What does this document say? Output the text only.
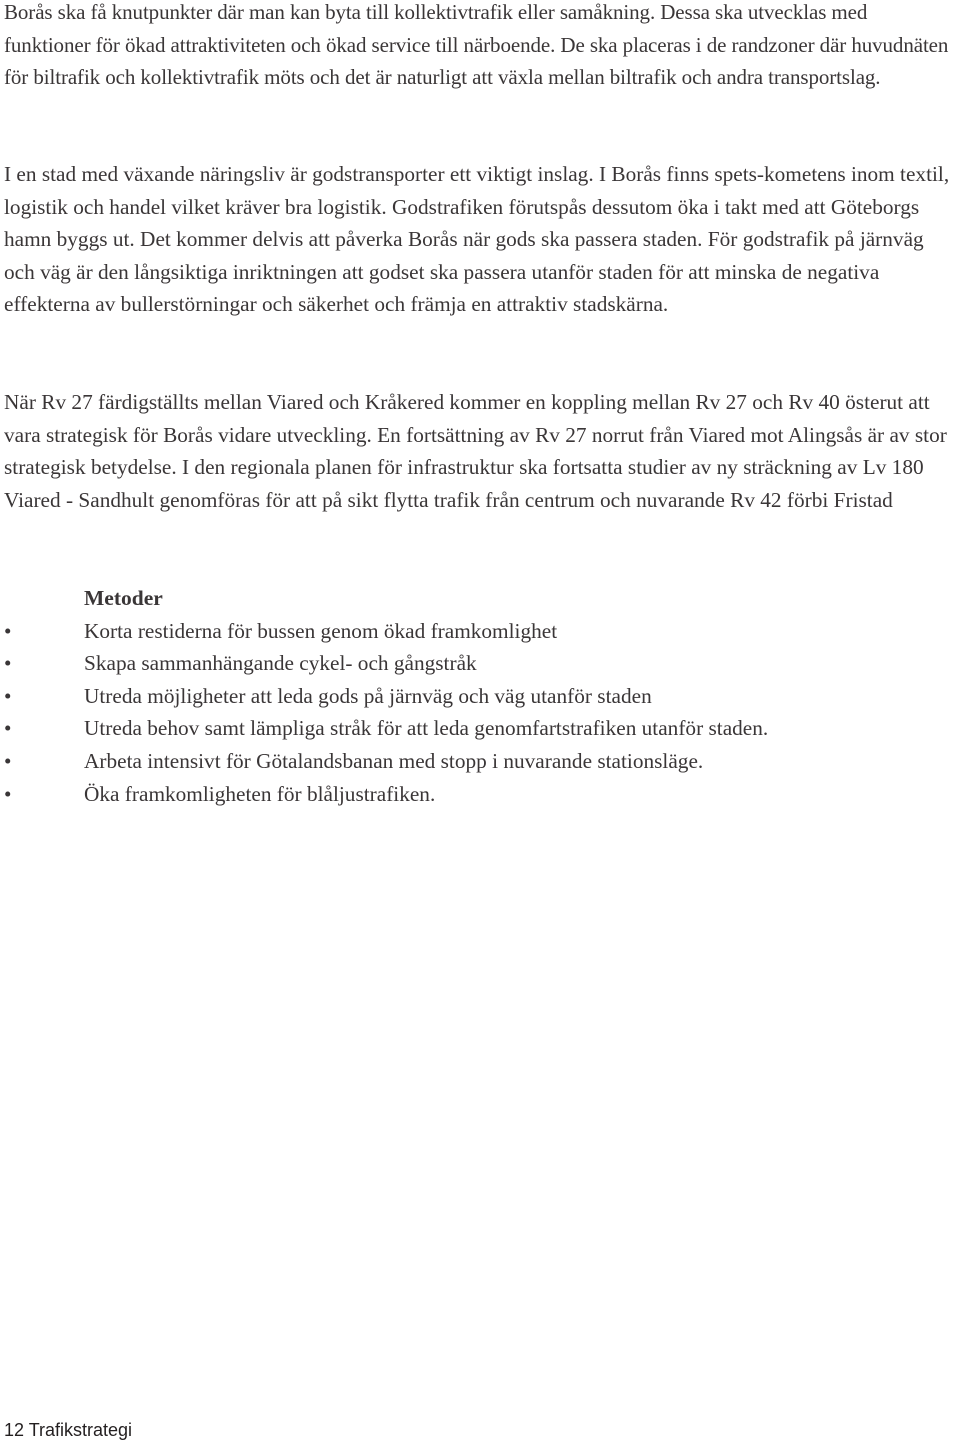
Borås ska få knutpunkter där man kan byta till kollektivtrafik eller samåkning. Dessa ska utvecklas med funktioner för ökad attraktiviteten och ökad service till närboende. De ska placeras i de randzoner där huvudnäten för biltrafik och kollektivtrafik möts och det är naturligt att växla mellan biltrafik och andra transportslag.

I en stad med växande näringsliv är godstransporter ett viktigt inslag. I Borås finns spets-kometens inom textil, logistik och handel vilket kräver bra logistik. Godstrafiken förutspås dessutom öka i takt med att Göteborgs hamn byggs ut. Det kommer delvis att påverka Borås när gods ska passera staden. För godstrafik på järnväg och väg är den långsiktiga inriktningen att godset ska passera utanför staden för att minska de negativa effekterna av bullerstörningar och säkerhet och främja en attraktiv stadskärna.

När Rv 27 färdigställts mellan Viared och Kråkered kommer en koppling mellan Rv 27 och Rv 40 österut att vara strategisk för Borås vidare utveckling. En fortsättning av Rv 27 norrut från Viared mot Alingsås är av stor strategisk betydelse. I den regionala planen för infrastruktur ska fortsatta studier av ny sträckning av Lv 180 Viared - Sandhult genomföras för att på sikt flytta trafik från centrum och nuvarande Rv 42 förbi Fristad

Metoder

•	Korta restiderna för bussen genom ökad framkomlighet
•	Skapa sammanhängande cykel- och gångstråk
•	Utreda möjligheter att leda gods på järnväg och väg utanför staden
•	Utreda behov samt lämpliga stråk för att leda genomfartstrafiken utanför staden.
•	Arbeta intensivt för Götalandsbanan med stopp i nuvarande stationsläge.
•	Öka framkomligheten för blåljustrafiken.
12 Trafikstrategi
